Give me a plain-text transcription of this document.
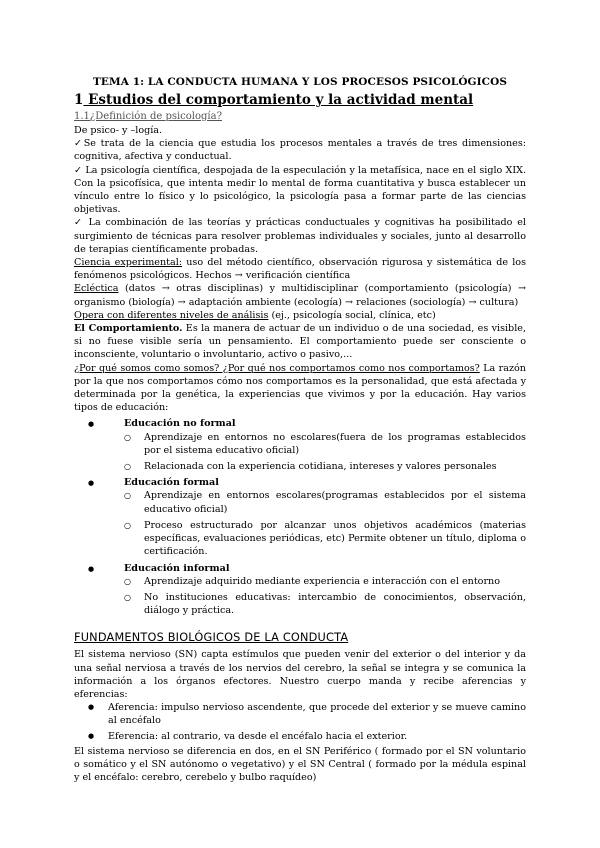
TEMA 1: LA CONDUCTA HUMANA Y LOS PROCESOS PSICOLÓGICOS
1 Estudios del comportamiento y la actividad mental
1.1¿Definición de psicología?

De psico- y –logía.

✓Se trata de la ciencia que estudia los procesos mentales a través de tres dimensiones: cognitiva, afectiva y conductual.

✓ La psicología científica, despojada de la especulación y la metafísica, nace en el siglo XIX. Con la psicofísica, que intenta medir lo mental de forma cuantitativa y busca establecer un vínculo entre lo físico y lo psicológico, la psicología pasa a formar parte de las ciencias objetivas.

✓ La combinación de las teorías y prácticas conductuales y cognitivas ha posibilitado el surgimiento de técnicas para resolver problemas individuales y sociales, junto al desarrollo de terapias científicamente probadas.

Ciencia experimental: uso del método científico, observación rigurosa y sistemática de los fenómenos psicológicos. Hechos → verificación científica

Ecléctica (datos → otras disciplinas) y multidisciplinar (comportamiento (psicología) → organismo (biología) → adaptación ambiente (ecología) → relaciones (sociología) → cultura)

Opera con diferentes niveles de análisis (ej., psicología social, clínica, etc)

El Comportamiento. Es la manera de actuar de un individuo o de una sociedad, es visible, si no fuese visible sería un pensamiento. El comportamiento puede ser consciente o inconsciente, voluntario o involuntario, activo o pasivo,...

¿Por qué somos como somos? ¿Por qué nos comportamos como nos comportamos? La razón por la que nos comportamos cómo nos comportamos es la personalidad, que está afectada y determinada por la genética, la experiencias que vivimos y por la educación. Hay varios tipos de educación:

● Educación no formal
○ Aprendizaje en entornos no escolares(fuera de los programas establecidos por el sistema educativo oficial)
○ Relacionada con la experiencia cotidiana, intereses y valores personales
● Educación formal
○ Aprendizaje en entornos escolares(programas establecidos por el sistema educativo oficial)
○ Proceso estructurado por alcanzar unos objetivos académicos (materias específicas, evaluaciones periódicas, etc) Permite obtener un título, diploma o certificación.
● Educación informal
○ Aprendizaje adquirido mediante experiencia e interacción con el entorno
○ No instituciones educativas: intercambio de conocimientos, observación, diálogo y práctica.
FUNDAMENTOS BIOLÓGICOS DE LA CONDUCTA

El sistema nervioso (SN) capta estímulos que pueden venir del exterior o del interior y da una señal nerviosa a través de los nervios del cerebro, la señal se integra y se comunica la información a los órganos efectores. Nuestro cuerpo manda y recibe aferencias y eferencias:

● Aferencia: impulso nervioso ascendente, que procede del exterior y se mueve camino al encéfalo
● Eferencia: al contrario, va desde el encéfalo hacia el exterior.

El sistema nervioso se diferencia en dos, en el SN Periférico ( formado por el SN voluntario o somático y el SN autónomo o vegetativo) y el SN Central ( formado por la médula espinal y el encéfalo: cerebro, cerebelo y bulbo raquídeo)
